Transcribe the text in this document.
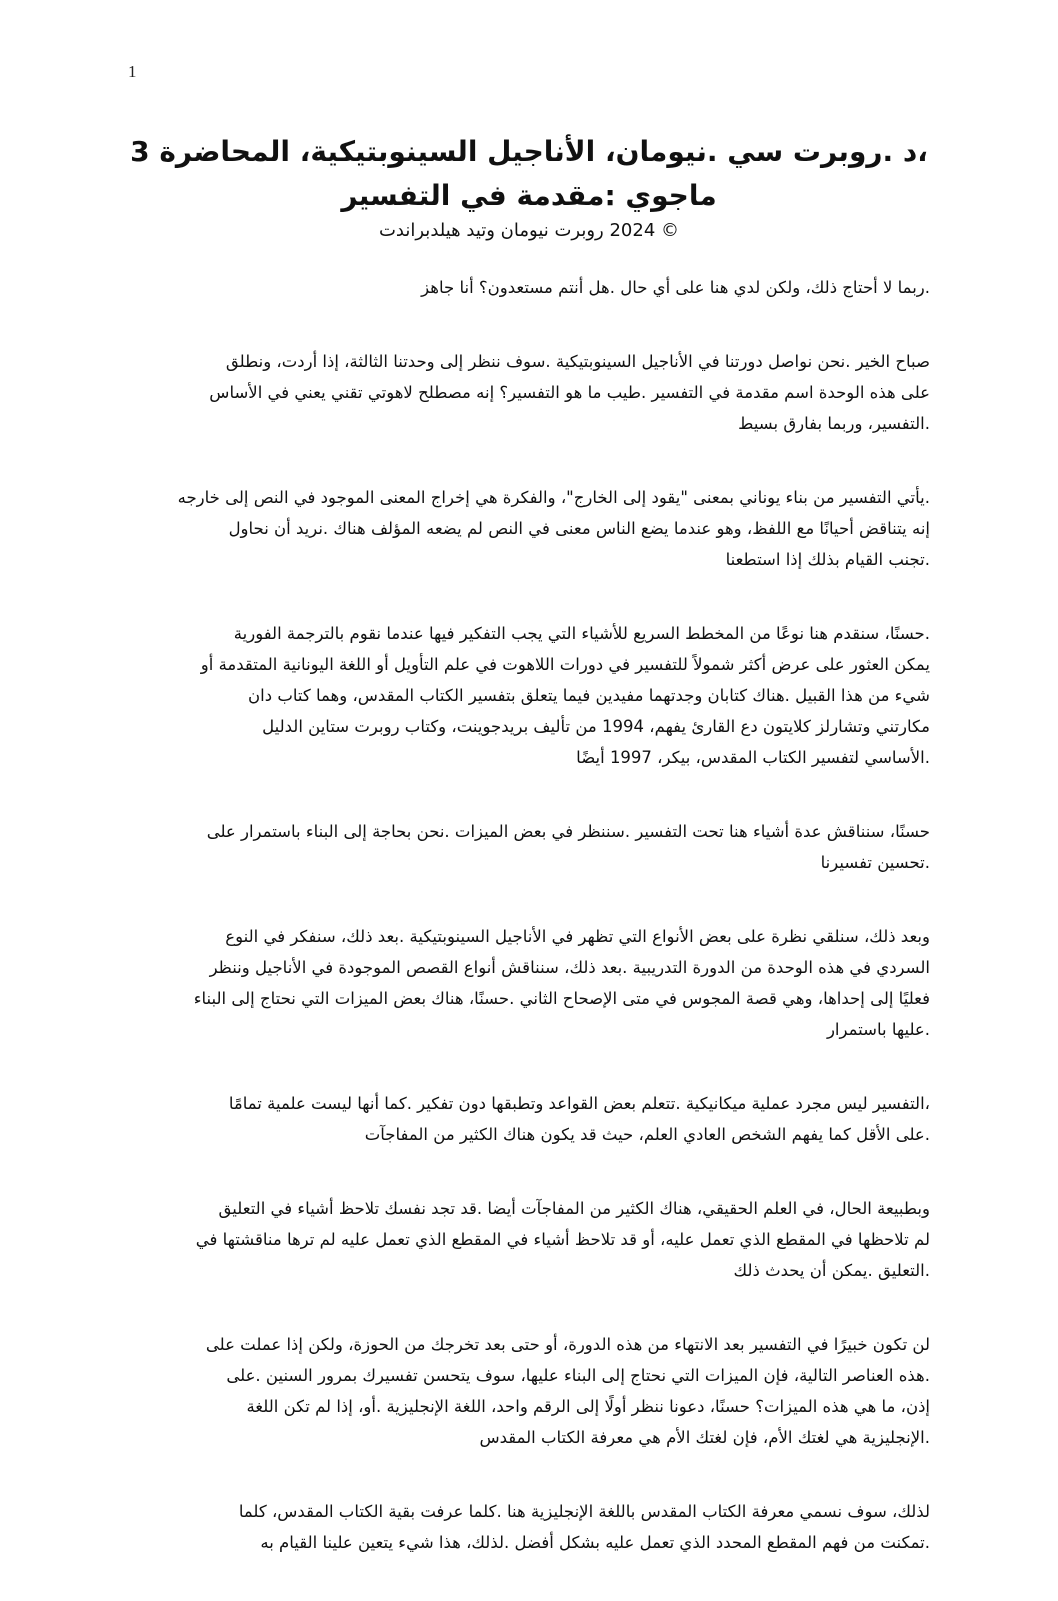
1
،د .روبرت سي .نيومان، الأناجيل السينوبتيكية، المحاضرة 3
ماجوي :مقدمة في التفسير
© 2024 روبرت نيومان وتيد هيلدبراندت

.ربما لا أحتاج ذلك، ولكن لدي هنا على أي حال .هل أنتم مستعدون؟ أنا جاهز

صباح الخير .نحن نواصل دورتنا في الأناجيل السينوبتيكية .سوف ننظر إلى وحدتنا الثالثة، إذا أردت، ونطلق
على هذه الوحدة اسم مقدمة في التفسير .طيب ما هو التفسير؟ إنه مصطلح لاهوتي تقني يعني في الأساس
.التفسير، وربما بفارق بسيط

.يأتي التفسير من بناء يوناني بمعنى "يقود إلى الخارج"، والفكرة هي إخراج المعنى الموجود في النص إلى خارجه
إنه يتناقض أحيانًا مع اللفظ، وهو عندما يضع الناس معنى في النص لم يضعه المؤلف هناك .نريد أن نحاول
.تجنب القيام بذلك إذا استطعنا

.حسنًا، سنقدم هنا نوعًا من المخطط السريع للأشياء التي يجب التفكير فيها عندما نقوم بالترجمة الفورية
يمكن العثور على عرض أكثر شمولاً للتفسير في دورات اللاهوت في علم التأويل أو اللغة اليونانية المتقدمة أو
شيء من هذا القبيل .هناك كتابان وجدتهما مفيدين فيما يتعلق بتفسير الكتاب المقدس، وهما كتاب دان
مكارتني وتشارلز كلايتون دع القارئ يفهم، 1994 من تأليف بريدجوينت، وكتاب روبرت ستاين الدليل
.الأساسي لتفسير الكتاب المقدس، بيكر، 1997 أيضًا

حسنًا، سنناقش عدة أشياء هنا تحت التفسير .سننظر في بعض الميزات .نحن بحاجة إلى البناء باستمرار على
.تحسين تفسيرنا

وبعد ذلك، سنلقي نظرة على بعض الأنواع التي تظهر في الأناجيل السينوبتيكية .بعد ذلك، سنفكر في النوع
السردي في هذه الوحدة من الدورة التدريبية .بعد ذلك، سنناقش أنواع القصص الموجودة في الأناجيل وننظر
فعليًا إلى إحداها، وهي قصة المجوس في متى الإصحاح الثاني .حسنًا، هناك بعض الميزات التي نحتاج إلى البناء
.عليها باستمرار

،التفسير ليس مجرد عملية ميكانيكية .تتعلم بعض القواعد وتطبقها دون تفكير .كما أنها ليست علمية تمامًا
.على الأقل كما يفهم الشخص العادي العلم، حيث قد يكون هناك الكثير من المفاجآت

وبطبيعة الحال، في العلم الحقيقي، هناك الكثير من المفاجآت أيضا .قد تجد نفسك تلاحظ أشياء في التعليق
لم تلاحظها في المقطع الذي تعمل عليه، أو قد تلاحظ أشياء في المقطع الذي تعمل عليه لم ترها مناقشتها في
.التعليق .يمكن أن يحدث ذلك

لن تكون خبيرًا في التفسير بعد الانتهاء من هذه الدورة، أو حتى بعد تخرجك من الحوزة، ولكن إذا عملت على
.هذه العناصر التالية، فإن الميزات التي نحتاج إلى البناء عليها، سوف يتحسن تفسيرك بمرور السنين .على
إذن، ما هي هذه الميزات؟ حسنًا، دعونا ننظر أولًا إلى الرقم واحد، اللغة الإنجليزية .أو، إذا لم تكن اللغة
.الإنجليزية هي لغتك الأم، فإن لغتك الأم هي معرفة الكتاب المقدس

لذلك، سوف نسمي معرفة الكتاب المقدس باللغة الإنجليزية هنا .كلما عرفت بقية الكتاب المقدس، كلما
.تمكنت من فهم المقطع المحدد الذي تعمل عليه بشكل أفضل .لذلك، هذا شيء يتعين علينا القيام به
